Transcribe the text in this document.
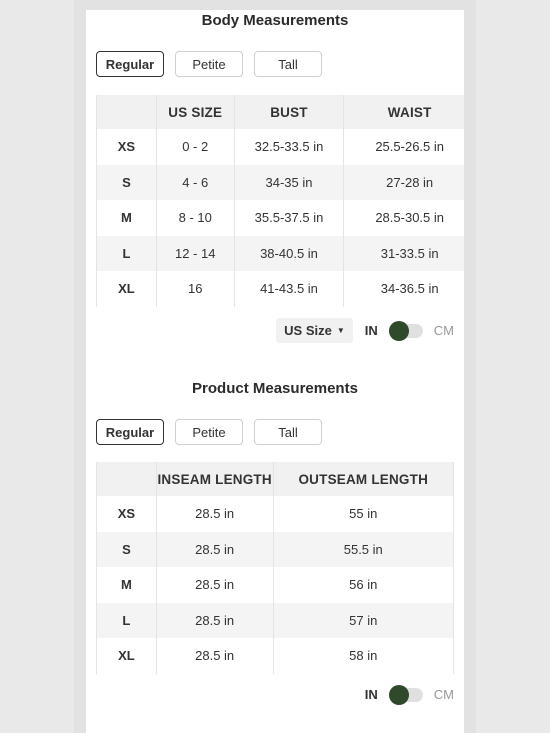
Body Measurements
Regular	Petite	Tall
	US SIZE	BUST	WAIST
XS	0 - 2	32.5-33.5 in	25.5-26.5 in
S	4 - 6	34-35 in	27-28 in
M	8 - 10	35.5-37.5 in	28.5-30.5 in
L	12 - 14	38-40.5 in	31-33.5 in
XL	16	41-43.5 in	34-36.5 in
US Size ▼ IN	CM
Product Measurements
Regular	Petite	Tall
	INSEAM LENGTH	OUTSEAM LENGTH
XS	28.5 in	55 in
S	28.5 in	55.5 in
M	28.5 in	56 in
L	28.5 in	57 in
XL	28.5 in	58 in
IN	CM
